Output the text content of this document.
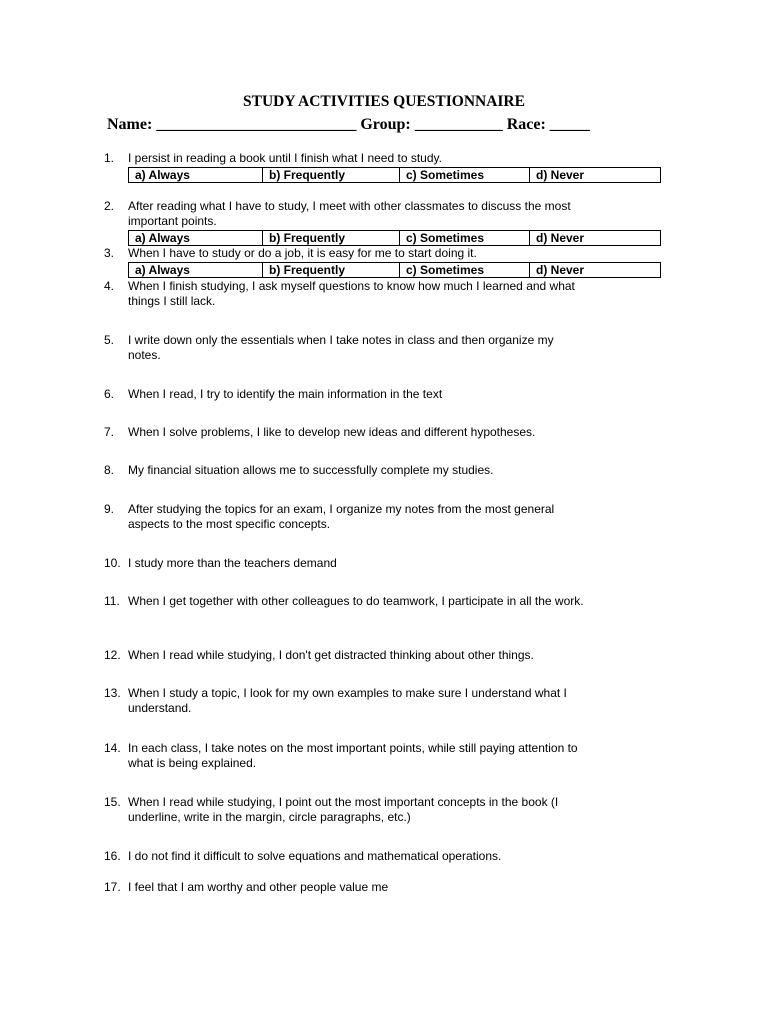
STUDY ACTIVITIES QUESTIONNAIRE
Name: _________________________ Group: ___________ Race: _____
1.	I persist in reading a book until I finish what I need to study.
a) Always	b) Frequently	c) Sometimes	d) Never
2.	After reading what I have to study, I meet with other classmates to discuss the most important points.
a) Always	b) Frequently	c) Sometimes	d) Never
3.	When I have to study or do a job, it is easy for me to start doing it.
a) Always	b) Frequently	c) Sometimes	d) Never
4.	When I finish studying, I ask myself questions to know how much I learned and what things I still lack.
5.	I write down only the essentials when I take notes in class and then organize my notes.
6.	When I read, I try to identify the main information in the text
7.	When I solve problems, I like to develop new ideas and different hypotheses.
8.	My financial situation allows me to successfully complete my studies.
9.	After studying the topics for an exam, I organize my notes from the most general aspects to the most specific concepts.
10. I study more than the teachers demand
11. When I get together with other colleagues to do teamwork, I participate in all the work.
12. When I read while studying, I don't get distracted thinking about other things.
13. When I study a topic, I look for my own examples to make sure I understand what I understand.
14. In each class, I take notes on the most important points, while still paying attention to what is being explained.
15. When I read while studying, I point out the most important concepts in the book (I underline, write in the margin, circle paragraphs, etc.)
16. I do not find it difficult to solve equations and mathematical operations.
17. I feel that I am worthy and other people value me
